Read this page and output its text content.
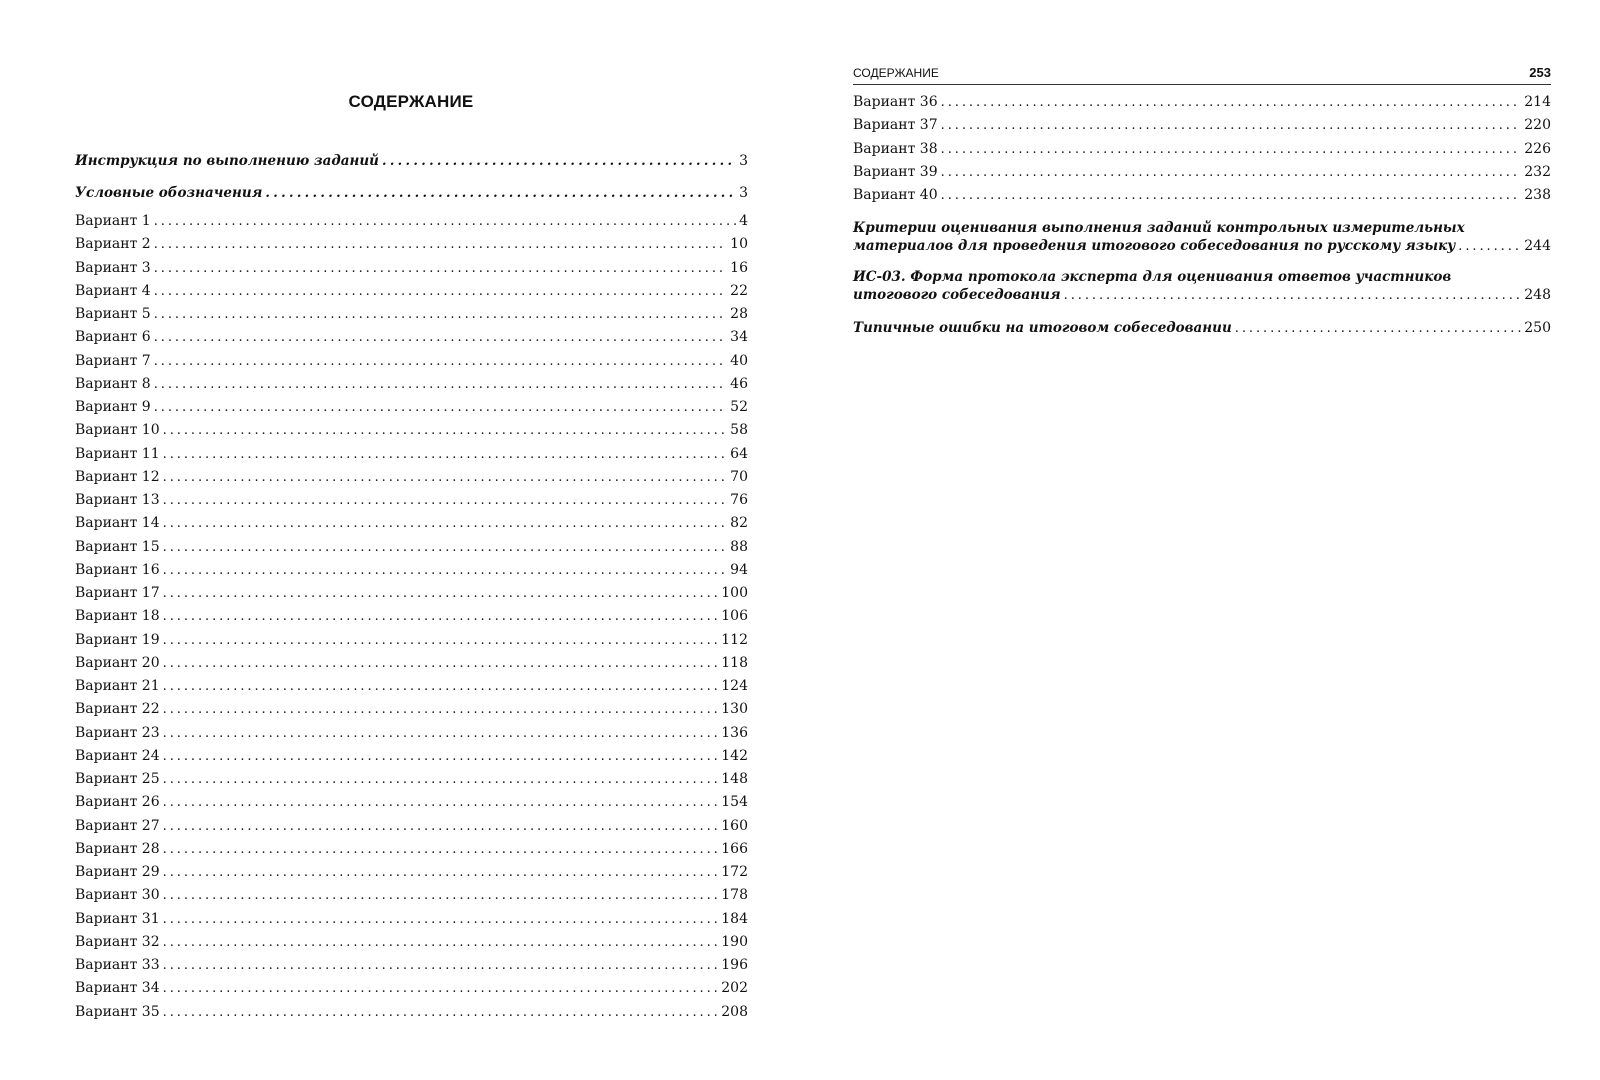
СОДЕРЖАНИЕ
Инструкция по выполнению заданий . . .	3
Условные обозначения . . .	3
Вариант 1 . . .	4
Вариант 2 . . .	10
Вариант 3 . . .	16
Вариант 4 . . .	22
Вариант 5 . . .	28
Вариант 6 . . .	34
Вариант 7 . . .	40
Вариант 8 . . .	46
Вариант 9 . . .	52
Вариант 10 . . .	58
Вариант 11 . . .	64
Вариант 12 . . .	70
Вариант 13 . . .	76
Вариант 14 . . .	82
Вариант 15 . . .	88
Вариант 16 . . .	94
Вариант 17 . . .	100
Вариант 18 . . .	106
Вариант 19 . . .	112
Вариант 20 . . .	118
Вариант 21 . . .	124
Вариант 22 . . .	130
Вариант 23 . . .	136
Вариант 24 . . .	142
Вариант 25 . . .	148
Вариант 26 . . .	154
Вариант 27 . . .	160
Вариант 28 . . .	166
Вариант 29 . . .	172
Вариант 30 . . .	178
Вариант 31 . . .	184
Вариант 32 . . .	190
Вариант 33 . . .	196
Вариант 34 . . .	202
Вариант 35 . . .	208
СОДЕРЖАНИЕ	253
Вариант 36 . . .	214
Вариант 37 . . .	220
Вариант 38 . . .	226
Вариант 39 . . .	232
Вариант 40 . . .	238
Критерии оценивания выполнения заданий контрольных измерительных
материалов для проведения итогового собеседования по русскому языку . . .	244
ИС-03. Форма протокола эксперта для оценивания ответов участников
итогового собеседования . . .	248
Типичные ошибки на итоговом собеседовании . . .	250
